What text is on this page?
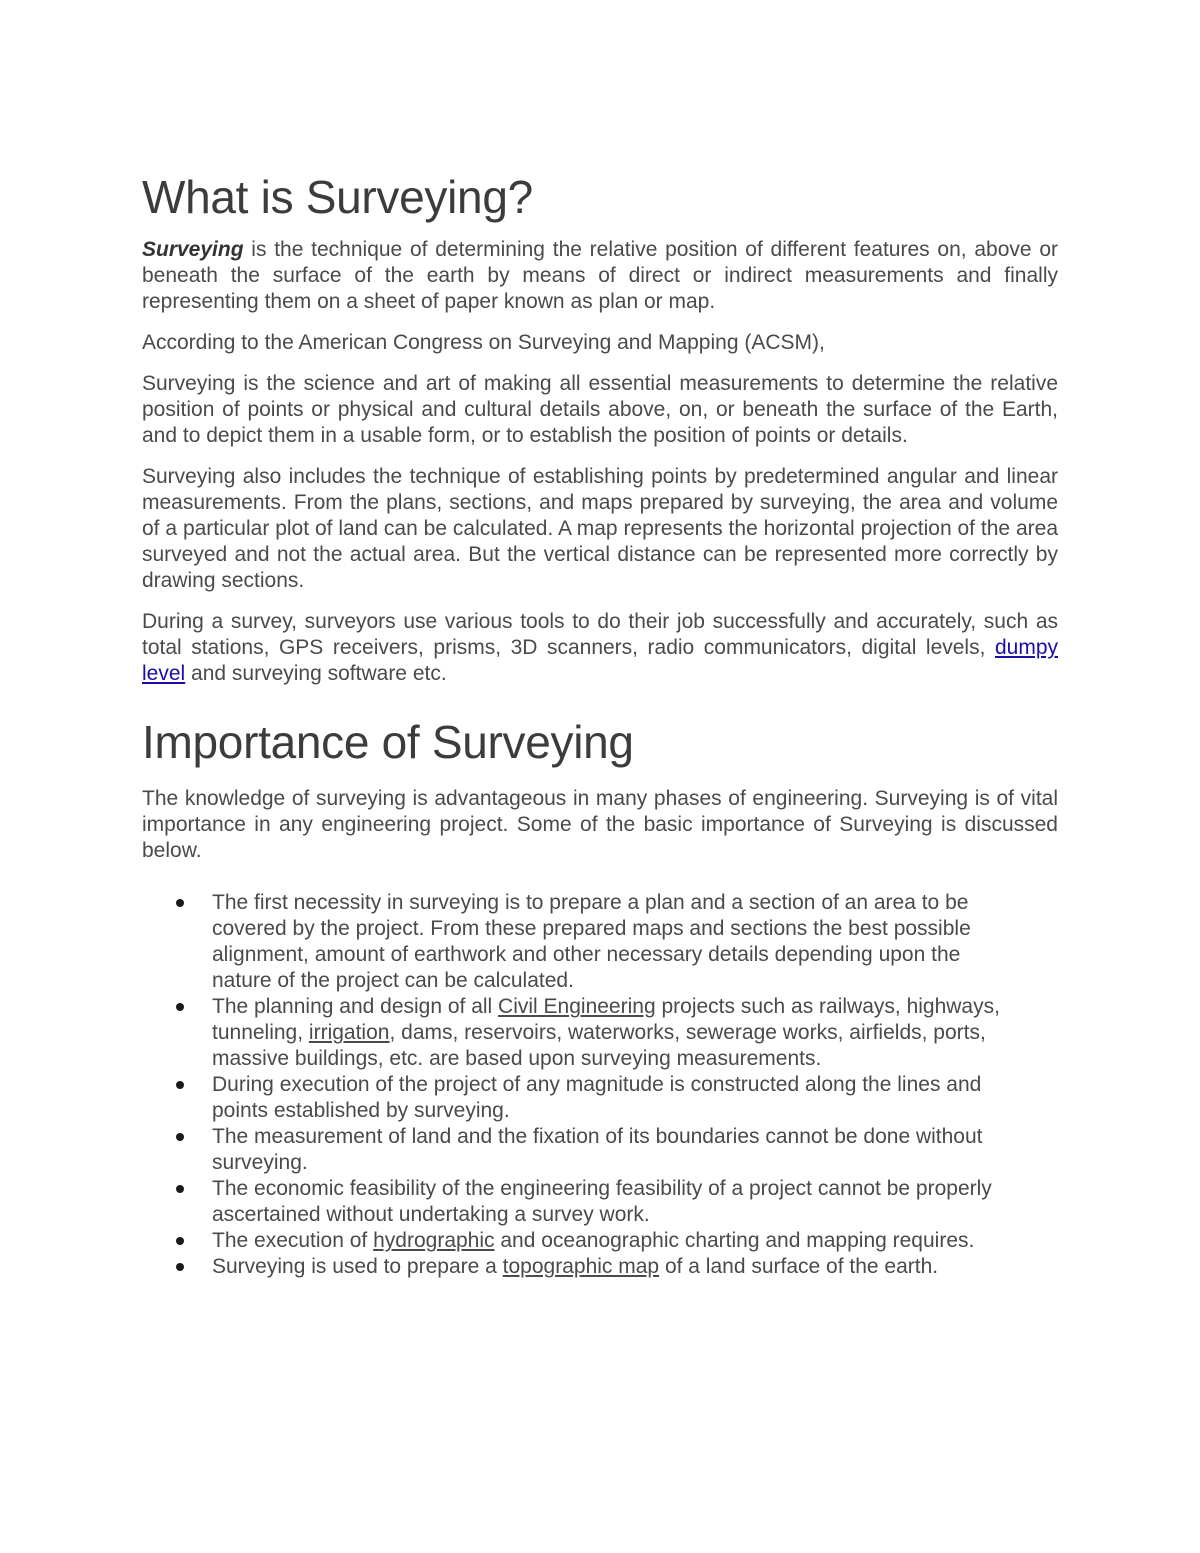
What is Surveying?

Surveying is the technique of determining the relative position of different features on, above or beneath the surface of the earth by means of direct or indirect measurements and finally representing them on a sheet of paper known as plan or map.

According to the American Congress on Surveying and Mapping (ACSM),

Surveying is the science and art of making all essential measurements to determine the relative position of points or physical and cultural details above, on, or beneath the surface of the Earth, and to depict them in a usable form, or to establish the position of points or details.

Surveying also includes the technique of establishing points by predetermined angular and linear measurements. From the plans, sections, and maps prepared by surveying, the area and volume of a particular plot of land can be calculated. A map represents the horizontal projection of the area surveyed and not the actual area. But the vertical distance can be represented more correctly by drawing sections.

During a survey, surveyors use various tools to do their job successfully and accurately, such as total stations, GPS receivers, prisms, 3D scanners, radio communicators, digital levels, dumpy level and surveying software etc.

Importance of Surveying

The knowledge of surveying is advantageous in many phases of engineering. Surveying is of vital importance in any engineering project. Some of the basic importance of Surveying is discussed below.

The first necessity in surveying is to prepare a plan and a section of an area to be covered by the project. From these prepared maps and sections the best possible alignment, amount of earthwork and other necessary details depending upon the nature of the project can be calculated.
The planning and design of all Civil Engineering projects such as railways, highways, tunneling, irrigation, dams, reservoirs, waterworks, sewerage works, airfields, ports, massive buildings, etc. are based upon surveying measurements.
During execution of the project of any magnitude is constructed along the lines and points established by surveying.
The measurement of land and the fixation of its boundaries cannot be done without surveying.
The economic feasibility of the engineering feasibility of a project cannot be properly ascertained without undertaking a survey work.
The execution of hydrographic and oceanographic charting and mapping requires.
Surveying is used to prepare a topographic map of a land surface of the earth.
